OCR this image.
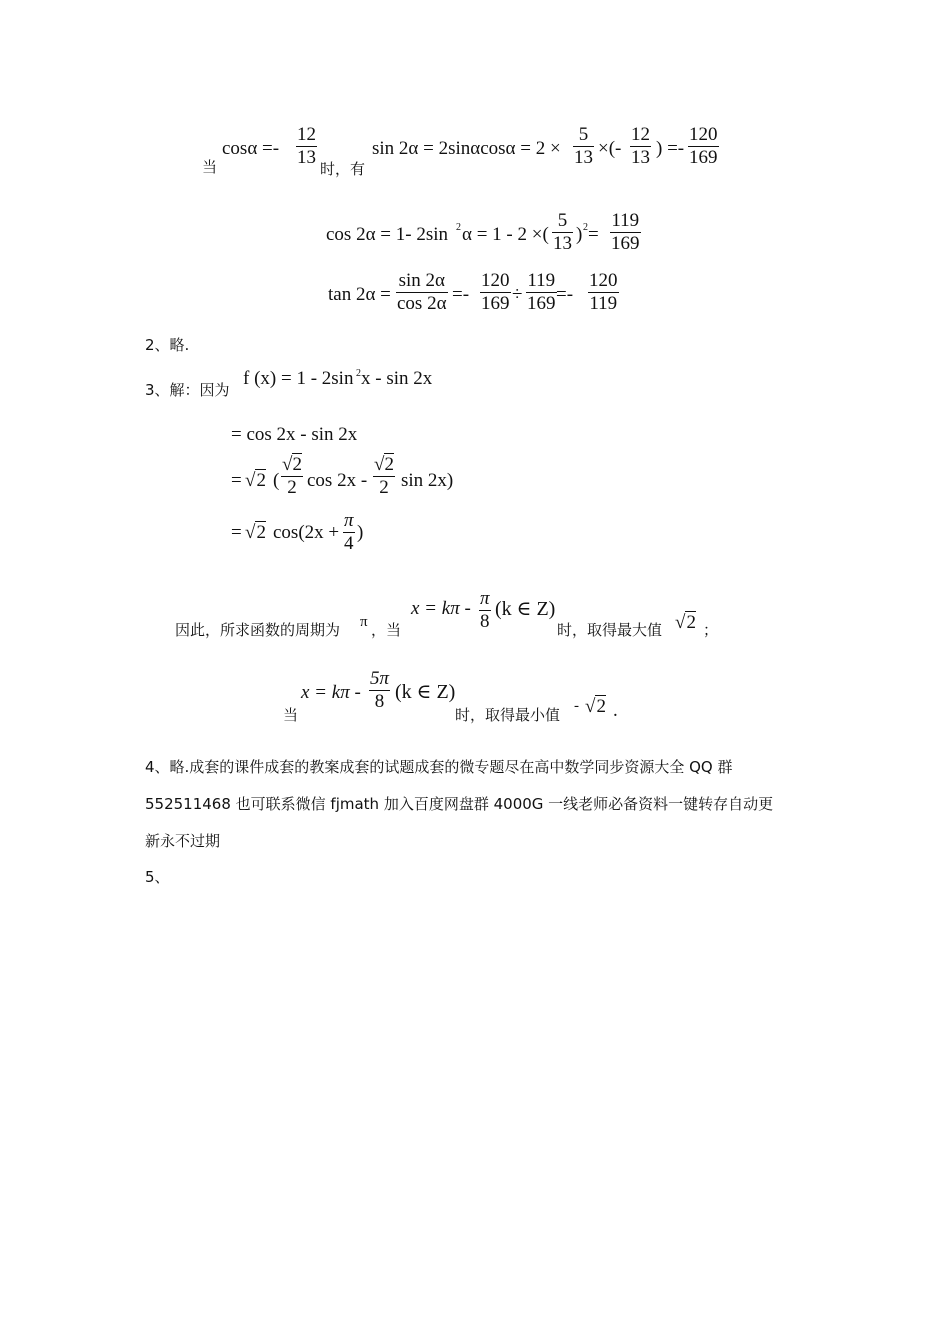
当
$\cos\alpha =- \frac{12}{13}$
时，有
$\sin 2\alpha = 2\sin\alpha\cos\alpha = 2 \times \frac{5}{13}$ ×(- $\frac{12}{13}$ ) =- $\frac{120}{169}$
cos 2α = 1- 2sin 2 α = 1 - 2 ×( $\frac{5}{13}$ ) $2 = \frac{119}{169}$
$\tan 2\alpha = \frac{\sin 2\alpha}{\cos 2\alpha} =- \frac{120}{169} \div \frac{119}{169} =- \frac{120}{119}$
2、略.
3、解：因为
f (x) = 1 - 2sin 2 x - sin 2x
= cos 2x - sin 2x
= √2 ( $\frac{√2}{2}$ $\cos 2x - \frac{√2}{2}$ sin 2x)
= √2 $\cos(2x + \frac{\pi}{4}$ )
因此，所求函数的周期为 π ，当
$x = k\pi - \frac{\pi}{8} (k$ ∈ Z)
时，取得最大值 √2 ；
当
$x = k\pi - \frac{5\pi}{8} (k$ ∈ Z)
时，取得最小值 - √2 .
4、略.成套的课件成套的教案成套的试题成套的微专题尽在高中数学同步资源大全 QQ 群
552511468 也可联系微信 fjmath 加入百度网盘群 4000G 一线老师必备资料一键转存自动更
新永不过期
5、
